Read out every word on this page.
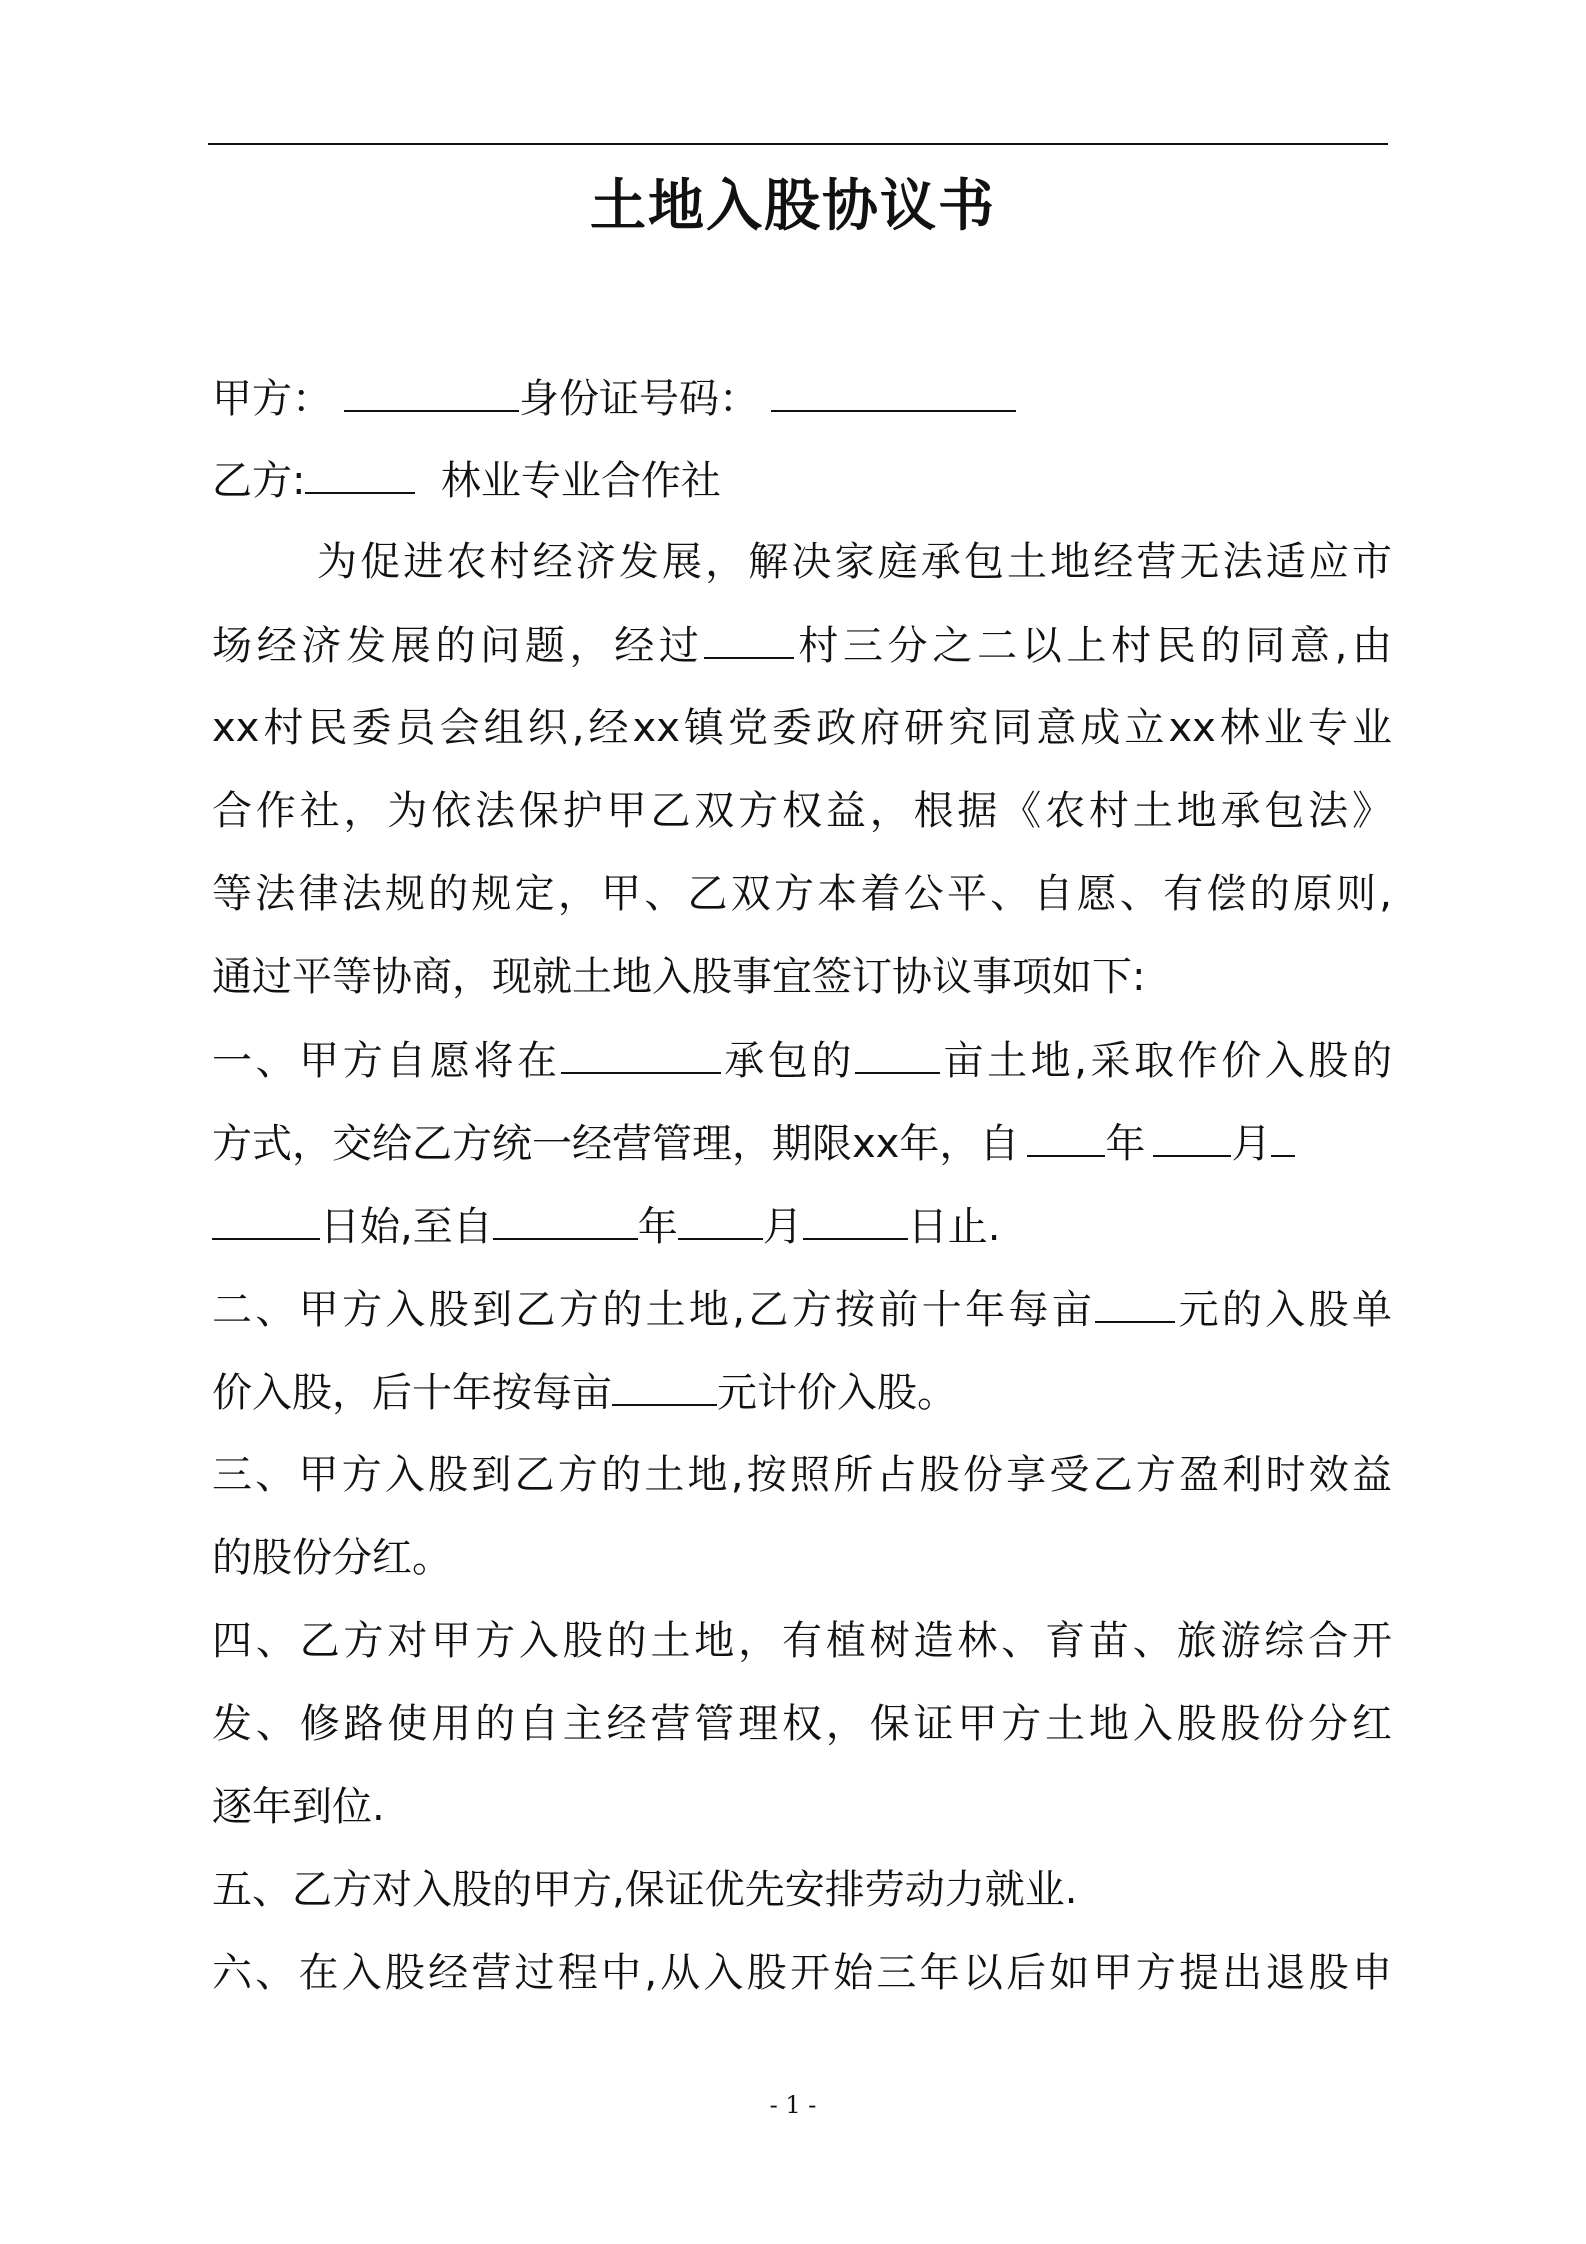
土地入股协议书
甲方：	身份证号码：
乙方:	林业专业合作社
为促进农村经济发展，解决家庭承包土地经营无法适应市
场经济发展的问题，经过 村三分之二以上村民的同意,由
xx村民委员会组织,经xx镇党委政府研究同意成立xx林业专业
合作社，为依法保护甲乙双方权益，根据《农村土地承包法》
等法律法规的规定，甲、乙双方本着公平、自愿、有偿的原则,
通过平等协商，现就土地入股事宜签订协议事项如下:
一、甲方自愿将在	承包的 亩土地,采取作价入股的
方式，交给乙方统一经营管理，期限xx年，自 年 月
日始,至自	年 月	日止.
二、甲方入股到乙方的土地,乙方按前十年每亩 元的入股单
价入股，后十年按每亩	元计价入股。
三、甲方入股到乙方的土地,按照所占股份享受乙方盈利时效益
的股份分红。
四、乙方对甲方入股的土地，有植树造林、育苗、旅游综合开
发、修路使用的自主经营管理权，保证甲方土地入股股份分红
逐年到位.
五、乙方对入股的甲方,保证优先安排劳动力就业.
六、在入股经营过程中,从入股开始三年以后如甲方提出退股申
- 1 -
